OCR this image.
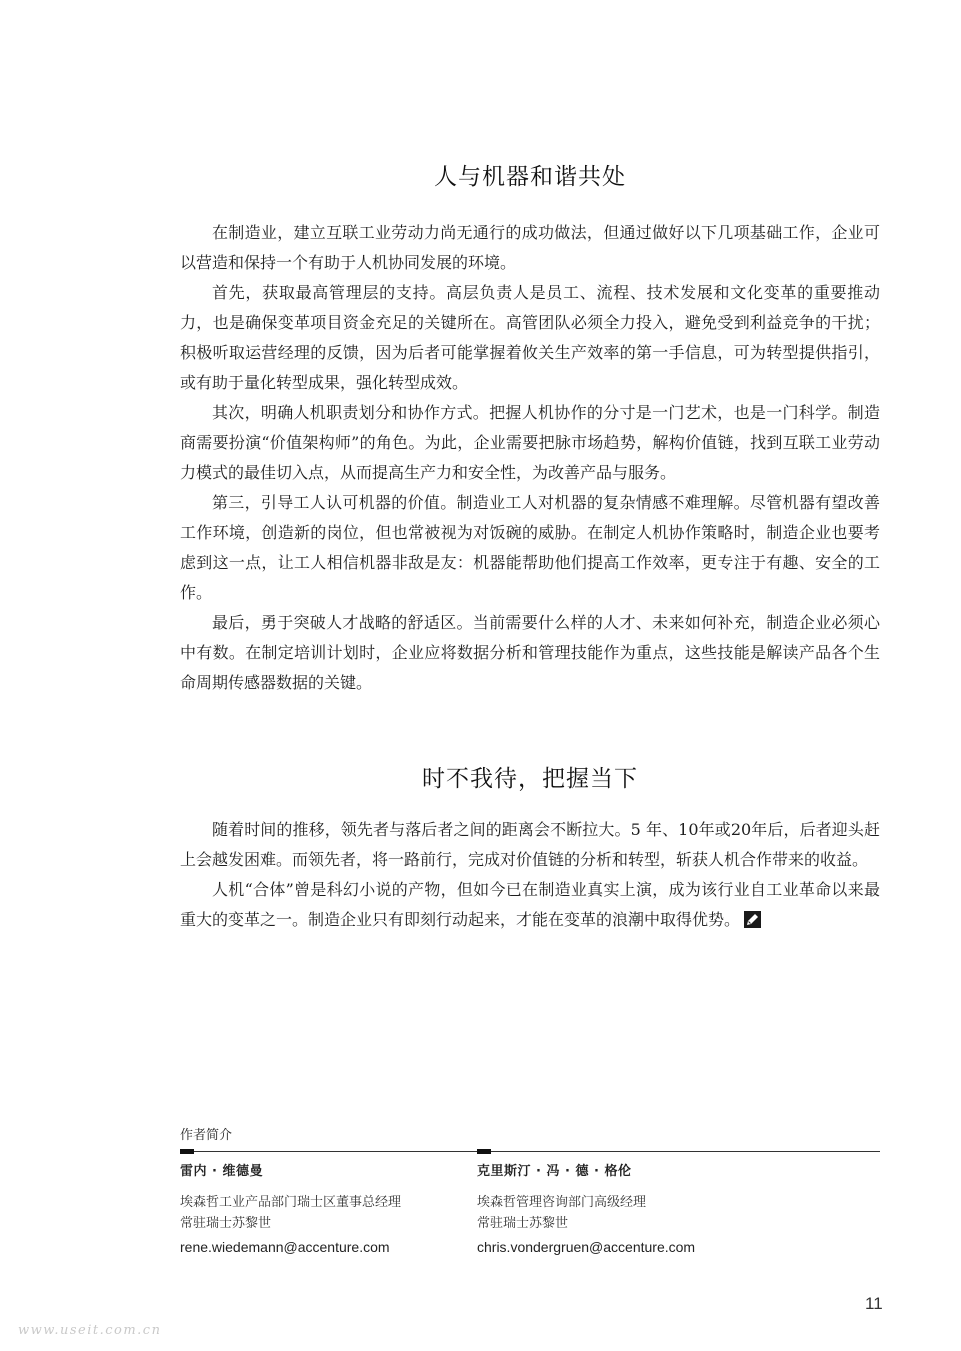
人与机器和谐共处

在制造业，建立互联工业劳动力尚无通行的成功做法，但通过做好以下几项基础工作，企业可以营造和保持一个有助于人机协同发展的环境。

首先，获取最高管理层的支持。高层负责人是员工、流程、技术发展和文化变革的重要推动力，也是确保变革项目资金充足的关键所在。高管团队必须全力投入，避免受到利益竞争的干扰；积极听取运营经理的反馈，因为后者可能掌握着攸关生产效率的第一手信息，可为转型提供指引，或有助于量化转型成果，强化转型成效。

其次，明确人机职责划分和协作方式。把握人机协作的分寸是一门艺术，也是一门科学。制造商需要扮演“价值架构师”的角色。为此，企业需要把脉市场趋势，解构价值链，找到互联工业劳动力模式的最佳切入点，从而提高生产力和安全性，为改善产品与服务。

第三，引导工人认可机器的价值。制造业工人对机器的复杂情感不难理解。尽管机器有望改善工作环境，创造新的岗位，但也常被视为对饭碗的威胁。在制定人机协作策略时，制造企业也要考虑到这一点，让工人相信机器非敌是友：机器能帮助他们提高工作效率，更专注于有趣、安全的工作。

最后，勇于突破人才战略的舒适区。当前需要什么样的人才、未来如何补充，制造企业必须心中有数。在制定培训计划时，企业应将数据分析和管理技能作为重点，这些技能是解读产品各个生命周期传感器数据的关键。

时不我待，把握当下

随着时间的推移，领先者与落后者之间的距离会不断拉大。5 年、10年或20年后，后者迎头赶上会越发困难。而领先者，将一路前行，完成对价值链的分析和转型，斩获人机合作带来的收益。

人机“合体”曾是科幻小说的产物，但如今已在制造业真实上演，成为该行业自工业革命以来最重大的变革之一。制造企业只有即刻行动起来，才能在变革的浪潮中取得优势。

作者简介
雷内 · 维德曼
埃森哲工业产品部门瑞士区董事总经理
常驻瑞士苏黎世
rene.wiedemann@accenture.com
克里斯汀 · 冯 · 德 · 格伦
埃森哲管理咨询部门高级经理
常驻瑞士苏黎世
chris.vondergruen@accenture.com
11
www.useit.com.cn
